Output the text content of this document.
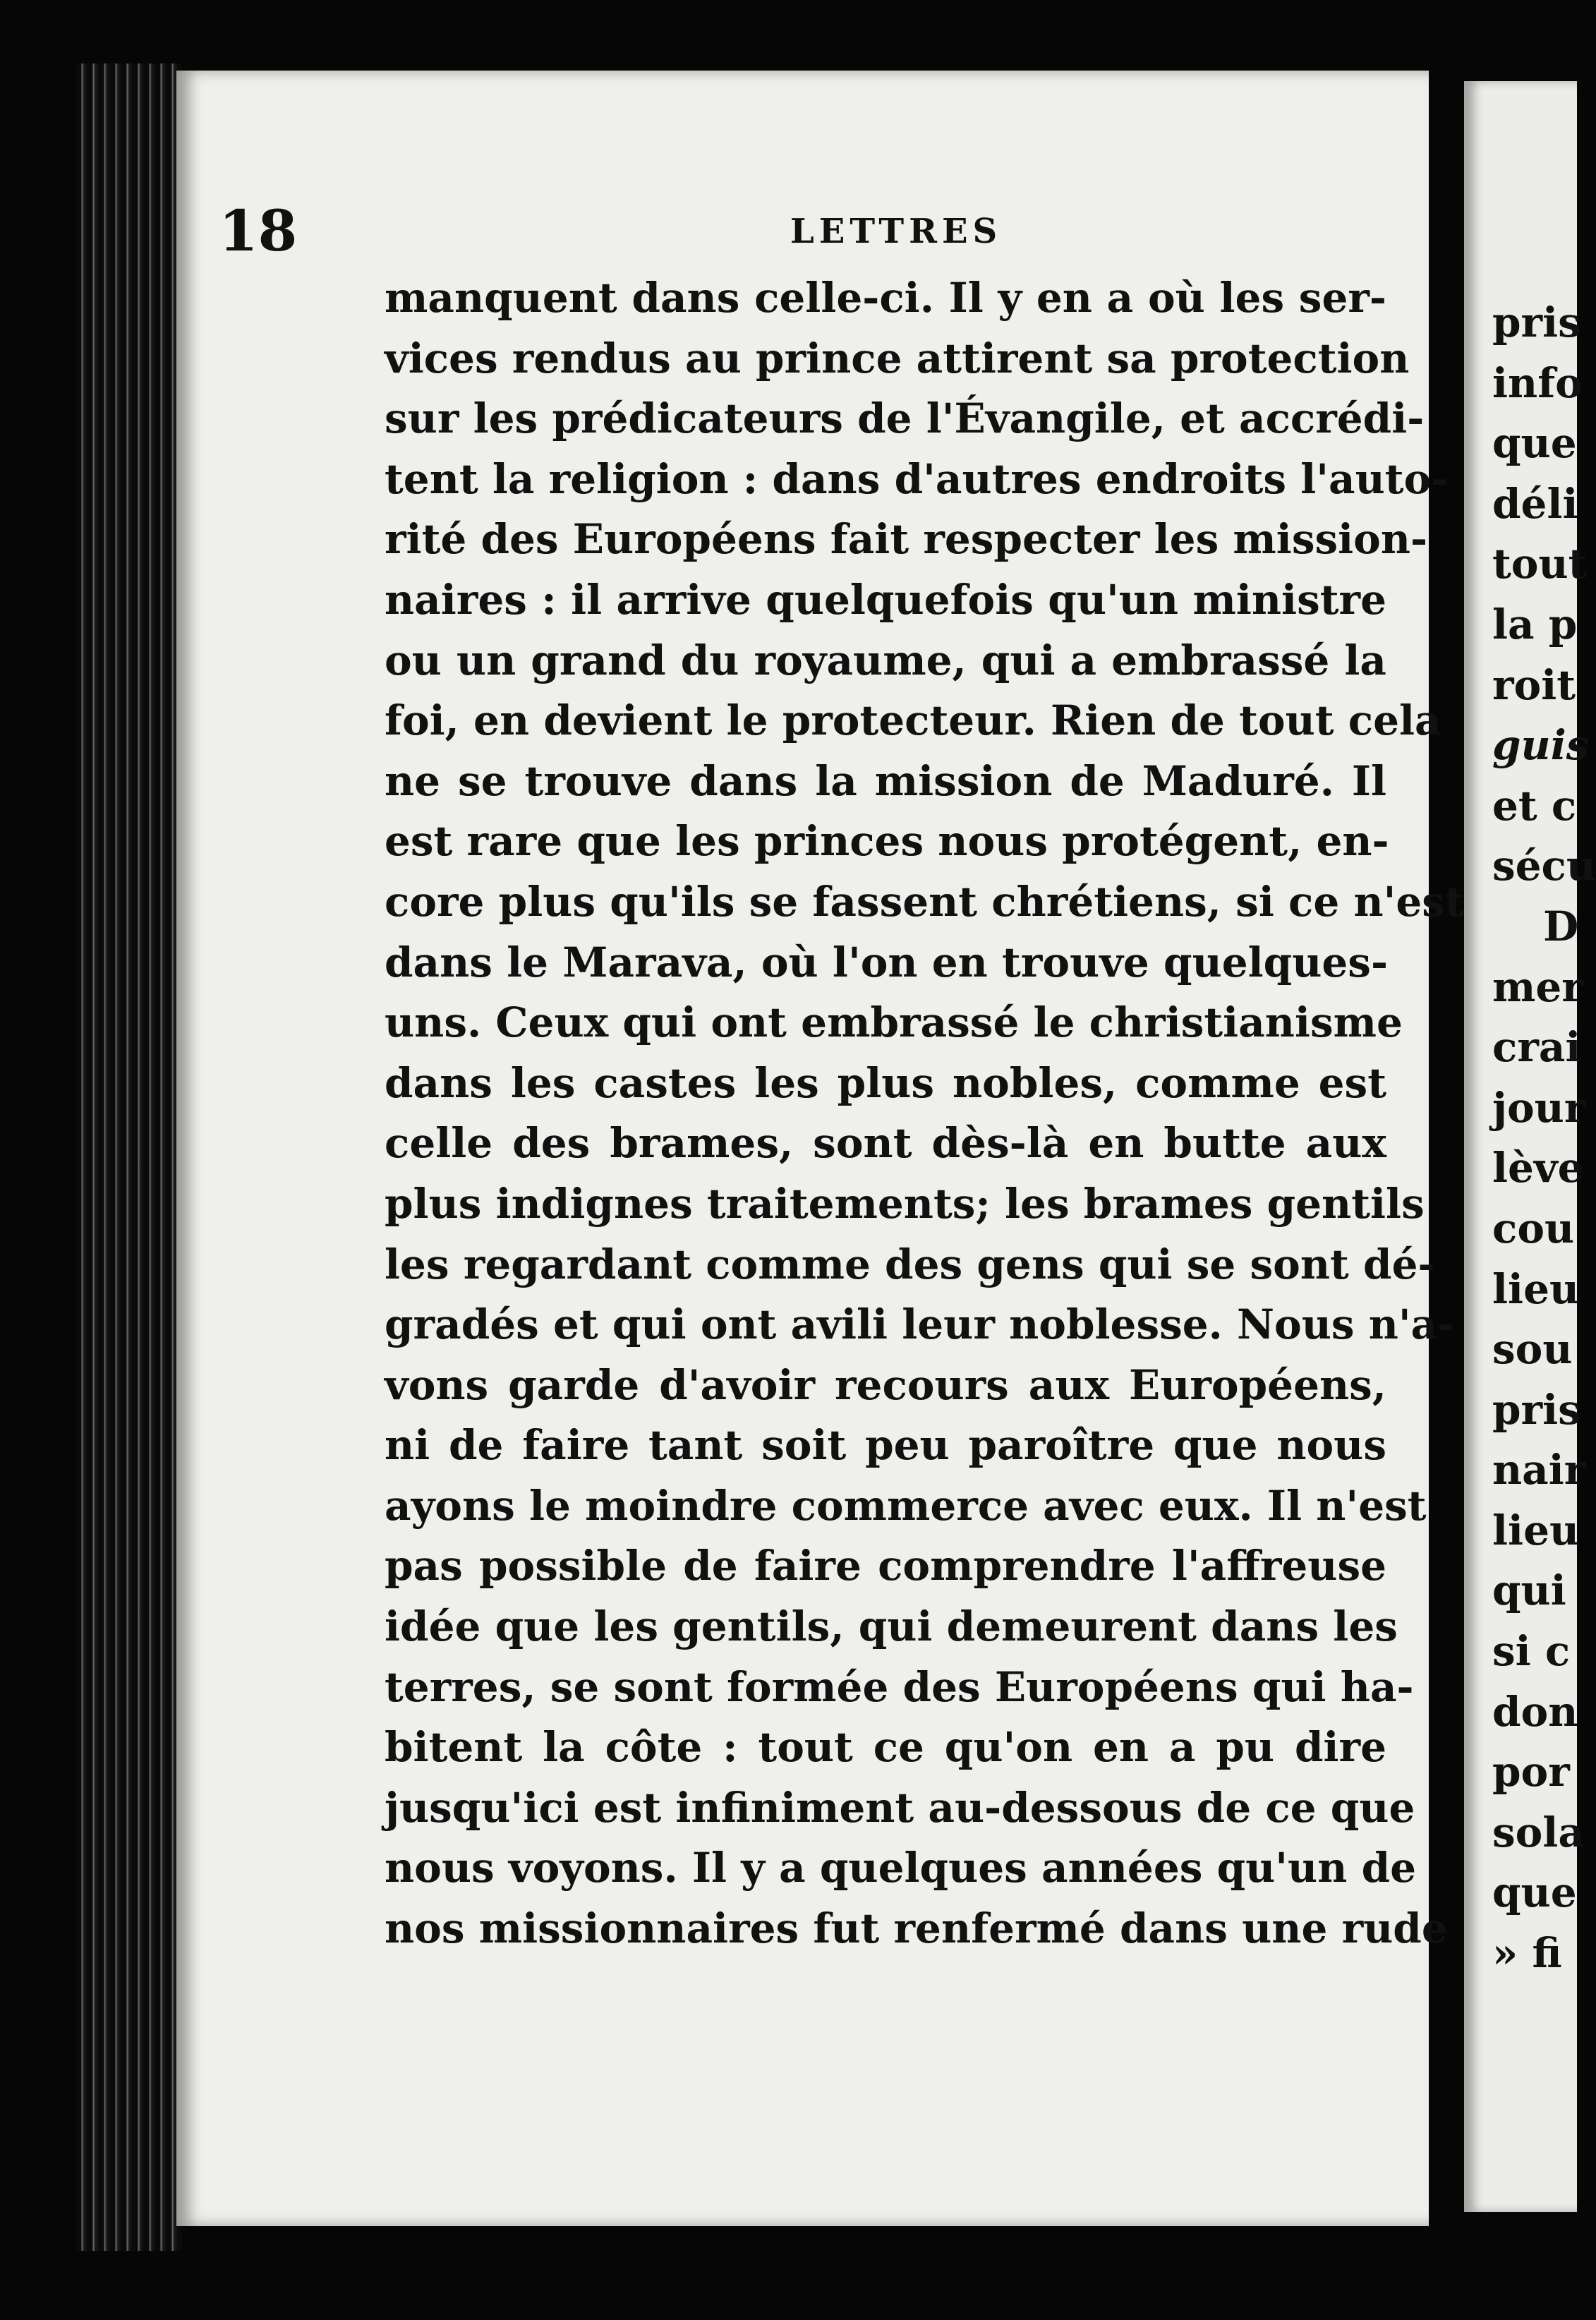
18	LETTRES
manquent dans celle-ci. Il y en a où les ser-
vices rendus au prince attirent sa protection
sur les prédicateurs de l'Évangile, et accrédi-
tent la religion : dans d'autres endroits l'auto-
rité des Européens fait respecter les mission-
naires : il arrive quelquefois qu'un ministre
ou un grand du royaume, qui a embrassé la
foi, en devient le protecteur. Rien de tout cela
ne se trouve dans la mission de Maduré. Il
est rare que les princes nous protégent, en-
core plus qu'ils se fassent chrétiens, si ce n'est
dans le Marava, où l'on en trouve quelques-
uns. Ceux qui ont embrassé le christianisme
dans les castes les plus nobles, comme est
celle des brames, sont dès-là en butte aux
plus indignes traitements; les brames gentils
les regardant comme des gens qui se sont dé-
gradés et qui ont avili leur noblesse. Nous n'a-
vons garde d'avoir recours aux Européens,
ni de faire tant soit peu paroître que nous
ayons le moindre commerce avec eux. Il n'est
pas possible de faire comprendre l'affreuse
idée que les gentils, qui demeurent dans les
terres, se sont formée des Européens qui ha-
bitent la côte : tout ce qu'on en a pu dire
jusqu'ici est infiniment au-dessous de ce que
nous voyons. Il y a quelques années qu'un de
nos missionnaires fut renfermé dans une rude
pris
info
que
déli
tout
la p
roit
guis
et c
sécu
D
mer
crai
jour
lève
cou
lieu
sou
pris
nair
lieu
qui
si c
don
por
sola
que
» fi
